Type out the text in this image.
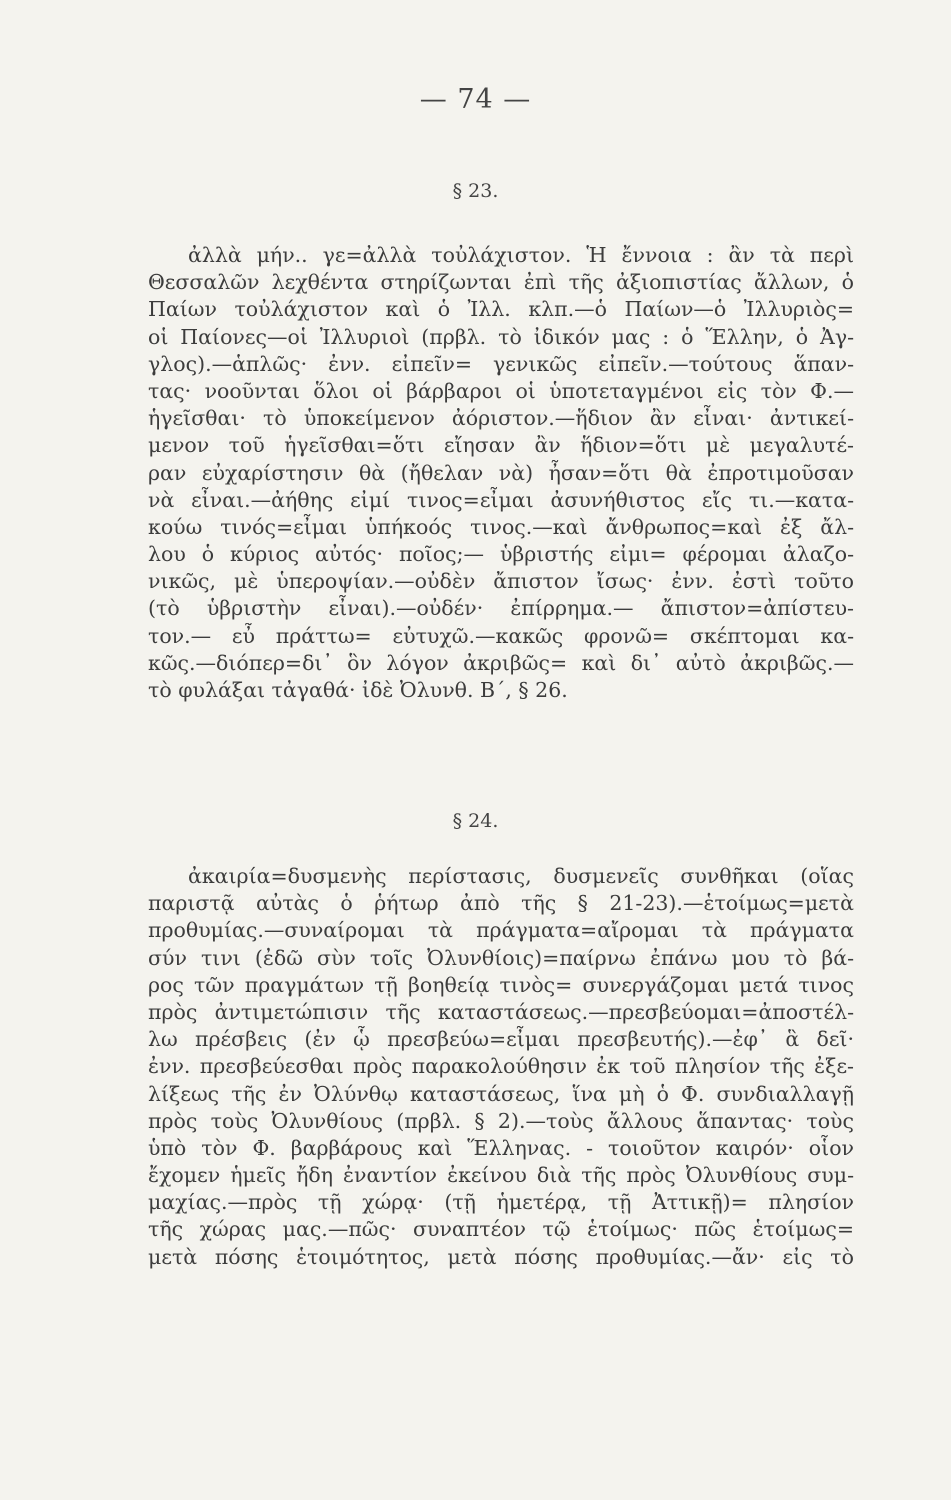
— 74 —
§ 23.
ἀλλὰ μήν.. γε=ἀλλὰ τοὐλάχιστον. Ἡ ἔννοια : ἂν τὰ περὶ
Θεσσαλῶν λεχθέντα στηρίζωνται ἐπὶ τῆς ἀξιοπιστίας ἄλλων, ὁ
Παίων τοὐλάχιστον καὶ ὁ Ἰλλ. κλπ.—ὁ Παίων—ὁ Ἰλλυριὸς=
οἱ Παίονες—οἱ Ἰλλυριοὶ (πρβλ. τὸ ἰδικόν μας : ὁ Ἕλλην, ὁ Ἀγ-
γλος).—ἁπλῶς· ἐνν. εἰπεῖν= γενικῶς εἰπεῖν.—τούτους ἅπαν-
τας· νοοῦνται ὅλοι οἱ βάρβαροι οἱ ὑποτεταγμένοι εἰς τὸν Φ.—
ἡγεῖσθαι· τὸ ὑποκείμενον ἀόριστον.—ἥδιον ἂν εἶναι· ἀντικεί-
μενον τοῦ ἡγεῖσθαι=ὅτι εἴησαν ἂν ἥδιον=ὅτι μὲ μεγαλυτέ-
ραν εὐχαρίστησιν θὰ (ἤθελαν νὰ) ἦσαν=ὅτι θὰ ἐπροτιμοῦσαν
νὰ εἶναι.—ἀήθης εἰμί τινος=εἶμαι ἀσυνήθιστος εἴς τι.—κατα-
κούω τινός=εἶμαι ὑπήκοός τινος.—καὶ ἄνθρωπος=καὶ ἐξ ἄλ-
λου ὁ κύριος αὐτός· ποῖος;— ὑβριστής εἰμι= φέρομαι ἀλαζο-
νικῶς, μὲ ὑπεροψίαν.—οὐδὲν ἄπιστον ἴσως· ἐνν. ἐστὶ τοῦτο
(τὸ ὑβριστὴν εἶναι).—οὐδέν· ἐπίρρημα.— ἄπιστον=ἀπίστευ-
τον.— εὖ πράττω= εὐτυχῶ.—κακῶς φρονῶ= σκέπτομαι κα-
κῶς.—διόπερ=δι᾽ ὃν λόγον ἀκριβῶς= καὶ δι᾽ αὐτὸ ἀκριβῶς.—
τὸ φυλάξαι τἀγαθά· ἰδὲ Ὀλυνθ. Β΄, § 26.
§ 24.
ἀκαιρία=δυσμενὴς περίστασις, δυσμενεῖς συνθῆκαι (οἵας
παριστᾷ αὐτὰς ὁ ῥήτωρ ἀπὸ τῆς § 21-23).—ἑτοίμως=μετὰ
προθυμίας.—συναίρομαι τὰ πράγματα=αἴρομαι τὰ πράγματα
σύν τινι (ἐδῶ σὺν τοῖς Ὀλυνθίοις)=παίρνω ἐπάνω μου τὸ βά-
ρος τῶν πραγμάτων τῇ βοηθείᾳ τινὸς= συνεργάζομαι μετά τινος
πρὸς ἀντιμετώπισιν τῆς καταστάσεως.—πρεσβεύομαι=ἀποστέλ-
λω πρέσβεις (ἐν ᾧ πρεσβεύω=εἶμαι πρεσβευτής).—ἐφ᾽ ἃ δεῖ·
ἐνν. πρεσβεύεσθαι πρὸς παρακολούθησιν ἐκ τοῦ πλησίον τῆς ἐξε-
λίξεως τῆς ἐν Ὀλύνθῳ καταστάσεως, ἵνα μὴ ὁ Φ. συνδιαλλαγῇ
πρὸς τοὺς Ὀλυνθίους (πρβλ. § 2).—τοὺς ἄλλους ἅπαντας· τοὺς
ὑπὸ τὸν Φ. βαρβάρους καὶ Ἕλληνας. - τοιοῦτον καιρόν· οἷον
ἔχομεν ἡμεῖς ἤδη ἐναντίον ἐκείνου διὰ τῆς πρὸς Ὀλυνθίους συμ-
μαχίας.—πρὸς τῇ χώρᾳ· (τῇ ἡμετέρᾳ, τῇ Ἀττικῇ)= πλησίον
τῆς χώρας μας.—πῶς· συναπτέον τῷ ἑτοίμως· πῶς ἑτοίμως=
μετὰ πόσης ἑτοιμότητος, μετὰ πόσης προθυμίας.—ἄν· εἰς τὸ
